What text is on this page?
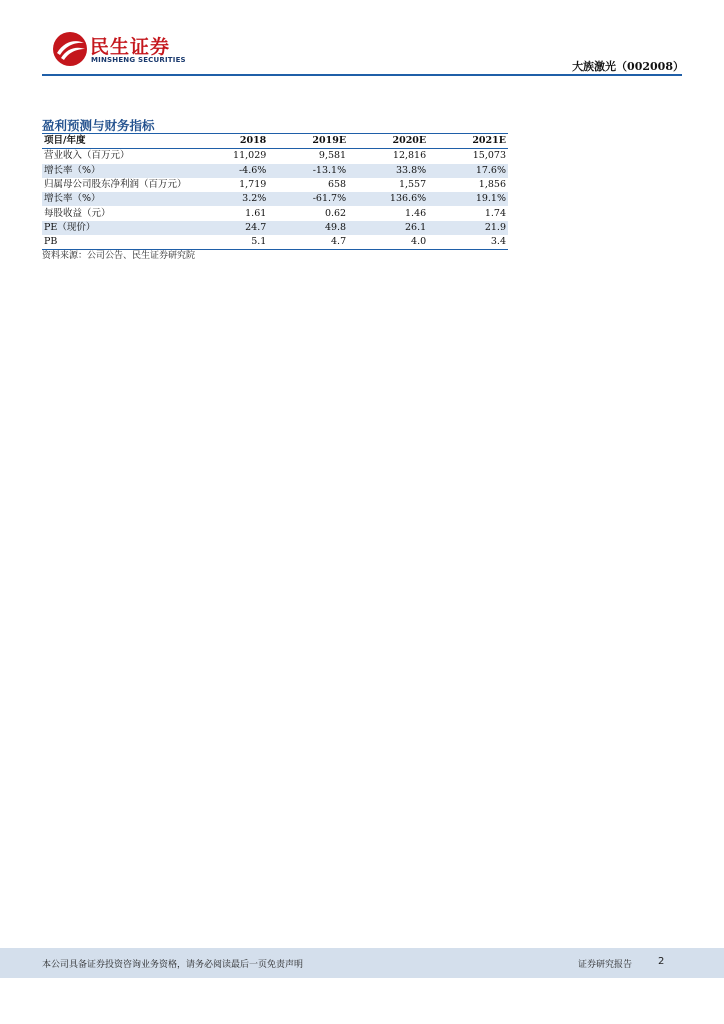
民生证券
MINSHENG SECURITIES	大族激光（002008）
盈利预测与财务指标
项目/年度	2018	2019E	2020E	2021E
营业收入（百万元）	11,029	9,581	12,816	15,073
增长率（%）	-4.6%	-13.1%	33.8%	17.6%
归属母公司股东净利润（百万元）	1,719	658	1,557	1,856
增长率（%）	3.2%	-61.7%	136.6%	19.1%
每股收益（元）	1.61	0.62	1.46	1.74
PE（现价）	24.7	49.8	26.1	21.9
PB	5.1	4.7	4.0	3.4
资料来源：公司公告、民生证券研究院
本公司具备证券投资咨询业务资格，请务必阅读最后一页免责声明	证券研究报告	2
